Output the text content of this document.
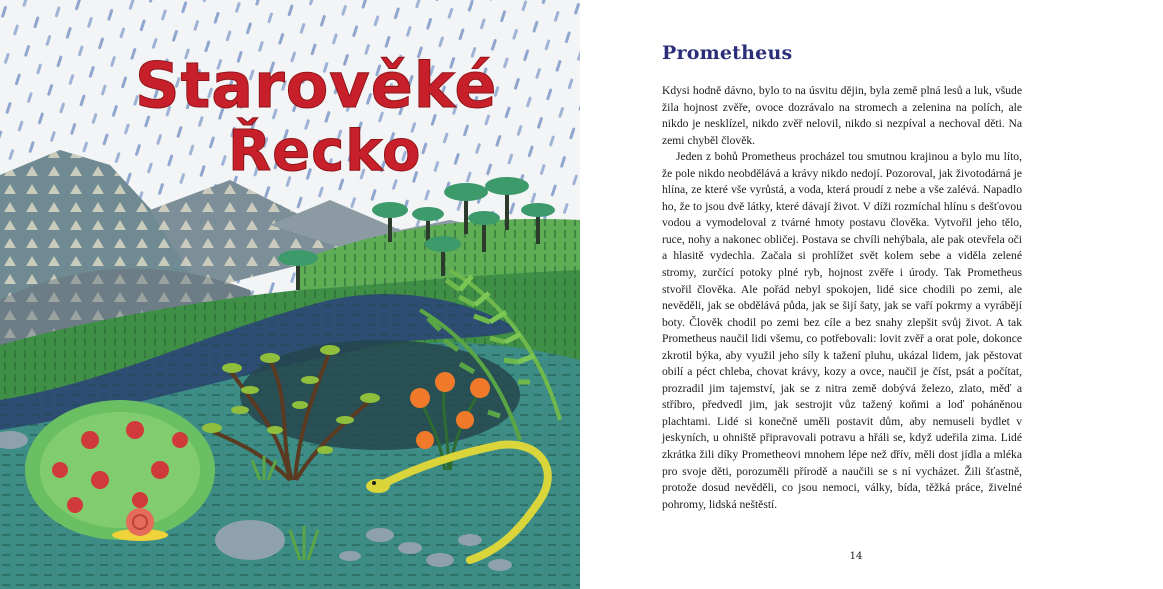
Starověké
Řecko
Prometheus

Kdysi hodně dávno, bylo to na úsvitu dějin, byla země plná lesů a luk, všude žila hojnost zvěře, ovoce dozrávalo na stromech a zelenina na polích, ale nikdo je nesklízel, nikdo zvěř nelovil, nikdo si nezpíval a nechoval děti. Na zemi chyběl člověk.

Jeden z bohů Prometheus procházel tou smutnou krajinou a bylo mu líto, že pole nikdo neobdělává a krávy nikdo nedojí. Pozoroval, jak životodárná je hlína, ze které vše vyrůstá, a voda, která proudí z nebe a vše zalévá. Napadlo ho, že to jsou dvě látky, které dávají život. V díži rozmíchal hlínu s dešťovou vodou a vymodeloval z tvárné hmoty postavu člověka. Vytvořil jeho tělo, ruce, nohy a nakonec obličej. Postava se chvíli nehýbala, ale pak otevřela oči a hlasitě vydechla. Začala si prohlížet svět kolem sebe a viděla zelené stromy, zurčící potoky plné ryb, hojnost zvěře i úrody. Tak Prometheus stvořil člověka. Ale pořád nebyl spokojen, lidé sice chodili po zemi, ale nevěděli, jak se obdělává půda, jak se šijí šaty, jak se vaří pokrmy a vyrábějí boty. Člověk chodil po zemi bez cíle a bez snahy zlepšit svůj život. A tak Prometheus naučil lidi všemu, co potřebovali: lovit zvěř a orat pole, dokonce zkrotil býka, aby využil jeho síly k tažení pluhu, ukázal lidem, jak pěstovat obilí a péct chleba, chovat krávy, kozy a ovce, naučil je číst, psát a počítat, prozradil jim tajemství, jak se z nitra země dobývá železo, zlato, měď a stříbro, předvedl jim, jak sestrojit vůz tažený koňmi a loď poháněnou plachtami. Lidé si konečně uměli postavit dům, aby nemuseli bydlet v jeskyních, u ohniště připravovali potravu a hřáli se, když udeřila zima. Lidé zkrátka žili díky Prometheovi mnohem lépe než dřív, měli dost jídla a mléka pro svoje děti, porozuměli přírodě a naučili se s ní vycházet. Žili šťastně, protože dosud nevěděli, co jsou nemoci, války, bída, těžká práce, živelné pohromy, lidská neštěstí.

14
